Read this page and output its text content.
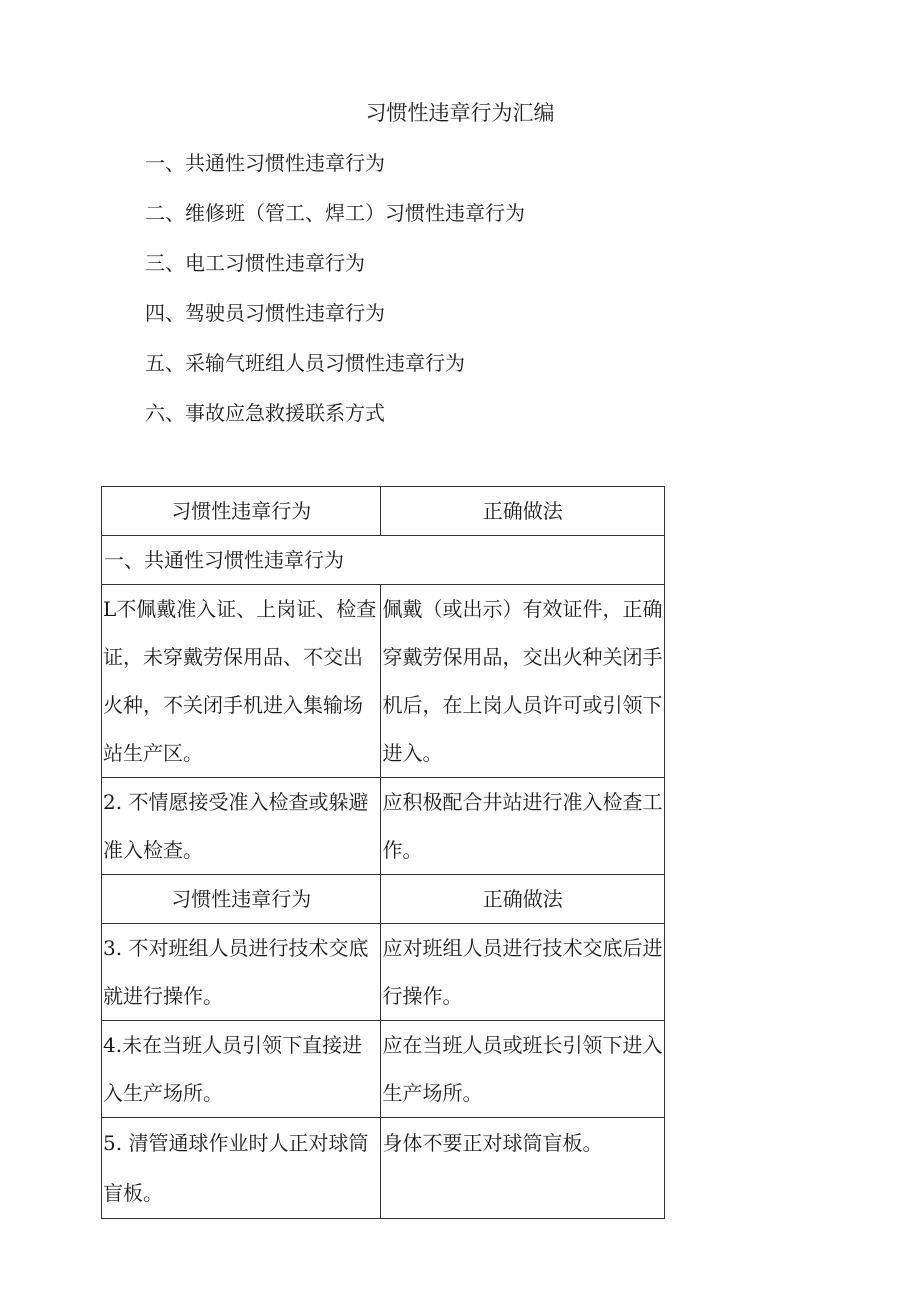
习惯性违章行为汇编
一、共通性习惯性违章行为
二、维修班（管工、焊工）习惯性违章行为
三、电工习惯性违章行为
四、驾驶员习惯性违章行为
五、采输气班组人员习惯性违章行为
六、事故应急救援联系方式
习惯性违章行为	正确做法
一、共通性习惯性违章行为	
L不佩戴准入证、上岗证、检查证，未穿戴劳保用品、不交出火种，不关闭手机进入集输场站生产区。	佩戴（或出示）有效证件，正确穿戴劳保用品，交出火种关闭手机后，在上岗人员许可或引领下进入。
2. 不情愿接受准入检查或躲避准入检查。	应积极配合井站进行准入检查工作。
习惯性违章行为	正确做法
3. 不对班组人员进行技术交底就进行操作。	应对班组人员进行技术交底后进行操作。
4.未在当班人员引领下直接进入生产场所。	应在当班人员或班长引领下进入生产场所。
5. 清管通球作业时人正对球筒盲板。	身体不要正对球筒盲板。
